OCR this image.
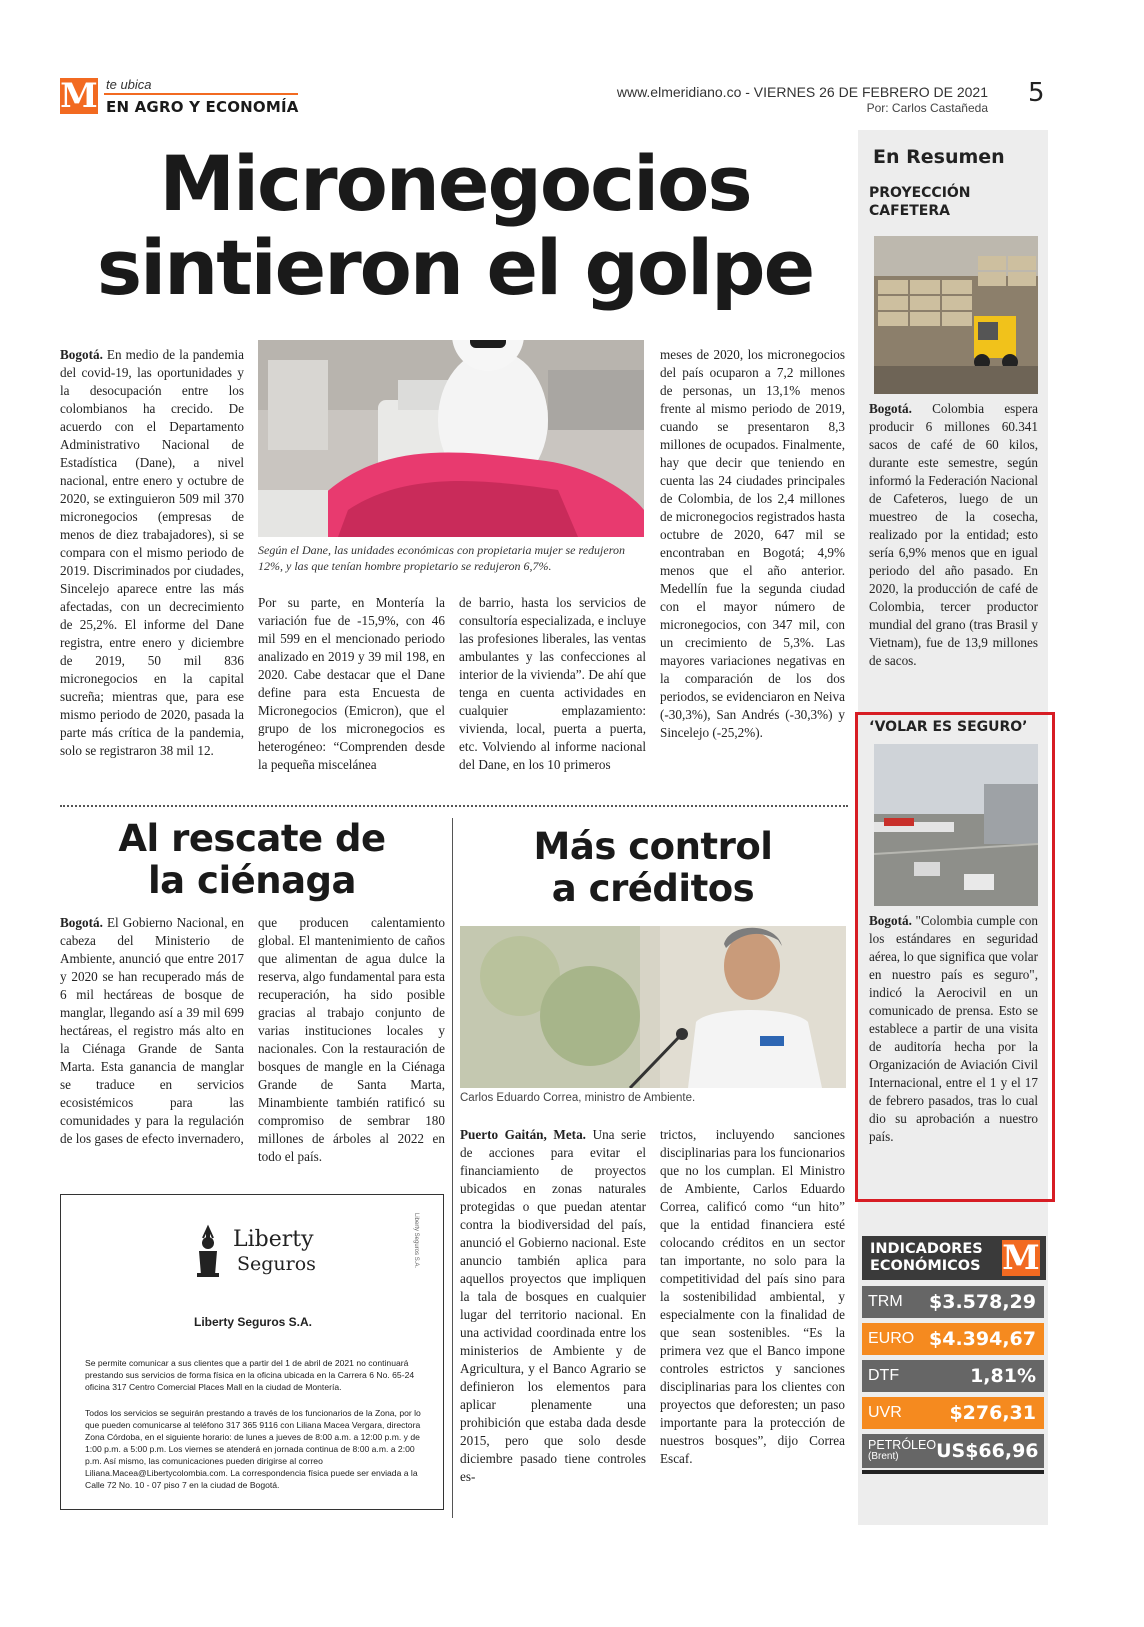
M te ubica
EN AGRO Y ECONOMÍA
www.elmeridiano.co - VIERNES 26 DE FEBRERO DE 2021
Por: Carlos Castañeda 5
Micronegocios
sintieron el golpe
Según el Dane, las unidades económicas con propietaria mujer se redujeron 12%, y las que tenían hombre propietario se redujeron 6,7%.
Bogotá. En medio de la pandemia del covid-19, las oportunidades y la desocupación entre los colombianos ha crecido. De acuerdo con el Departamento Administrativo Nacional de Estadística (Dane), a nivel nacional, entre enero y octubre de 2020, se extinguieron 509 mil 370 micronegocios (empresas de menos de diez trabajadores), si se compara con el mismo periodo de 2019. Discriminados por ciudades, Sincelejo aparece entre las más afectadas, con un decrecimiento de 25,2%. El informe del Dane registra, entre enero y diciembre de 2019, 50 mil 836 micronegocios en la capital sucreña; mientras que, para ese mismo periodo de 2020, pasada la parte más crítica de la pandemia, solo se registraron 38 mil 12.
Por su parte, en Montería la variación fue de -15,9%, con 46 mil 599 en el mencionado periodo analizado en 2019 y 39 mil 198, en 2020. Cabe destacar que el Dane define para esta Encuesta de Micronegocios (Emicron), que el grupo de los micronegocios es heterogéneo: “Comprenden desde la pequeña miscelánea
de barrio, hasta los servicios de consultoría especializada, e incluye las profesiones liberales, las ventas ambulantes y las confecciones al interior de la vivienda”. De ahí que tenga en cuenta actividades en cualquier emplazamiento: vivienda, local, puerta a puerta, etc. Volviendo al informe nacional del Dane, en los 10 primeros
meses de 2020, los micronegocios del país ocuparon a 7,2 millones de personas, un 13,1% menos frente al mismo periodo de 2019, cuando se presentaron 8,3 millones de ocupados. Finalmente, hay que decir que teniendo en cuenta las 24 ciudades principales de Colombia, de los 2,4 millones de micronegocios registrados hasta octubre de 2020, 647 mil se encontraban en Bogotá; 4,9% menos que el año anterior. Medellín fue la segunda ciudad con el mayor número de micronegocios, con 347 mil, con un crecimiento de 5,3%. Las mayores variaciones negativas en la comparación de los dos periodos, se evidenciaron en Neiva (-30,3%), San Andrés (-30,3%) y Sincelejo (-25,2%).
Al rescate de
la ciénaga
Bogotá. El Gobierno Nacional, en cabeza del Ministerio de Ambiente, anunció que entre 2017 y 2020 se han recuperado más de 6 mil hectáreas de bosque de manglar, llegando así a 39 mil 699 hectáreas, el registro más alto en la Ciénaga Grande de Santa Marta. Esta ganancia de manglar se traduce en servicios ecosistémicos para las comunidades y para la regulación de los gases de efecto invernadero,
que producen calentamiento global. El mantenimiento de caños que alimentan de agua dulce la reserva, algo fundamental para esta recuperación, ha sido posible gracias al trabajo conjunto de varias instituciones locales y nacionales. Con la restauración de bosques de mangle en la Ciénaga Grande de Santa Marta, Minambiente también ratificó su compromiso de sembrar 180 millones de árboles al 2022 en todo el país.
Liberty
Seguros	Liberty Seguros S.A.
Liberty Seguros S.A.
Se permite comunicar a sus clientes que a partir del 1 de abril de 2021 no continuará prestando sus servicios de forma física en la oficina ubicada en la Carrera 6 No. 65-24 oficina 317 Centro Comercial Places Mall en la ciudad de Montería.
Todos los servicios se seguirán prestando a través de los funcionarios de la Zona, por lo que pueden comunicarse al teléfono 317 365 9116 con Liliana Macea Vergara, directora Zona Córdoba, en el siguiente horario: de lunes a jueves de 8:00 a.m. a 12:00 p.m. y de 1:00 p.m. a 5:00 p.m. Los viernes se atenderá en jornada continua de 8:00 a.m. a 2:00 p.m. Así mismo, las comunicaciones pueden dirigirse al correo Liliana.Macea@Libertycolombia.com. La correspondencia física puede ser enviada a la Calle 72 No. 10 - 07 piso 7 en la ciudad de Bogotá.
Más control
a créditos
Carlos Eduardo Correa, ministro de Ambiente.
Puerto Gaitán, Meta. Una serie de acciones para evitar el financiamiento de proyectos ubicados en zonas naturales protegidas o que puedan atentar contra la biodiversidad del país, anunció el Gobierno nacional. Este anuncio también aplica para aquellos proyectos que impliquen la tala de bosques en cualquier lugar del territorio nacional. En una actividad coordinada entre los ministerios de Ambiente y de Agricultura, y el Banco Agrario se definieron los elementos para aplicar plenamente una prohibición que estaba dada desde 2015, pero que solo desde diciembre pasado tiene controles es-
trictos, incluyendo sanciones disciplinarias para los funcionarios que no los cumplan. El Ministro de Ambiente, Carlos Eduardo Correa, calificó como “un hito” que la entidad financiera esté colocando créditos en un sector tan importante, no solo para la competitividad del país sino para la sostenibilidad ambiental, y especialmente con la finalidad de que sean sostenibles. “Es la primera vez que el Banco impone controles estrictos y sanciones disciplinarias para los clientes con proyectos que deforesten; un paso importante para la protección de nuestros bosques”, dijo Correa Escaf.
En Resumen
PROYECCIÓN
CAFETERA
Bogotá. Colombia espera producir 6 millones 60.341 sacos de café de 60 kilos, durante este semestre, según informó la Federación Nacional de Cafeteros, luego de un muestreo de la cosecha, realizado por la entidad; esto sería 6,9% menos que en igual periodo del año pasado. En 2020, la producción de café de Colombia, tercer productor mundial del grano (tras Brasil y Vietnam), fue de 13,9 millones de sacos.
‘VOLAR ES SEGURO’
Bogotá. "Colombia cumple con los estándares en seguridad aérea, lo que significa que volar en nuestro país es seguro", indicó la Aerocivil en un comunicado de prensa. Esto se establece a partir de una visita de auditoría hecha por la Organización de Aviación Civil Internacional, entre el 1 y el 17 de febrero pasados, tras lo cual dio su aprobación a nuestro país.
INDICADORES
ECONÓMICOS M
TRM $3.578,29
EURO $4.394,67
DTF	1,81%
UVR	$276,31
PETRÓLEO
(Brent)	US$66,96
